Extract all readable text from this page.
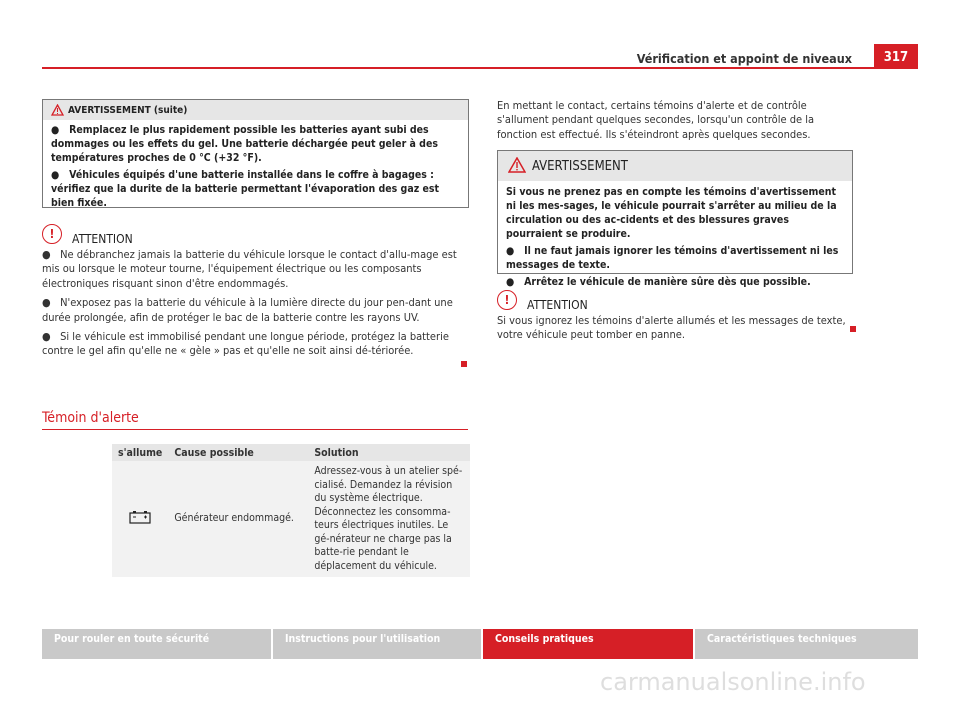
Vérification et appoint de niveaux	317
AVERTISSEMENT (suite)

●   Remplacez le plus rapidement possible les batteries ayant subi des dommages ou les effets du gel. Une batterie déchargée peut geler à des températures proches de 0 °C (+32 °F).

●   Véhicules équipés d'une batterie installée dans le coffre à bagages : vérifiez que la durite de la batterie permettant l'évaporation des gaz est bien fixée.

!	ATTENTION

●   Ne débranchez jamais la batterie du véhicule lorsque le contact d'allu-mage est mis ou lorsque le moteur tourne, l'équipement électrique ou les composants électroniques risquant sinon d'être endommagés.

●   N'exposez pas la batterie du véhicule à la lumière directe du jour pen-dant une durée prolongée, afin de protéger le bac de la batterie contre les rayons UV.

●   Si le véhicule est immobilisé pendant une longue période, protégez la batterie contre le gel afin qu'elle ne « gèle » pas et qu'elle ne soit ainsi dé-tériorée.

Témoin d'alerte
s'allume	Cause possible	Solution
	Générateur endommagé.	Adressez-vous à un atelier spé-cialisé. Demandez la révision du système électrique. Déconnectez les consomma-teurs électriques inutiles. Le gé-nérateur ne charge pas la batte-rie pendant le déplacement du véhicule.
En mettant le contact, certains témoins d'alerte et de contrôle s'allument pendant quelques secondes, lorsqu'un contrôle de la fonction est effectué. Ils s'éteindront après quelques secondes.
AVERTISSEMENT

Si vous ne prenez pas en compte les témoins d'avertissement ni les mes-sages, le véhicule pourrait s'arrêter au milieu de la circulation ou des ac-cidents et des blessures graves pourraient se produire.

●   Il ne faut jamais ignorer les témoins d'avertissement ni les messages de texte.

●   Arrêtez le véhicule de manière sûre dès que possible.

!	ATTENTION
Si vous ignorez les témoins d'alerte allumés et les messages de texte, votre véhicule peut tomber en panne.
Pour rouler en toute sécurité	Instructions pour l'utilisation	Conseils pratiques	Caractéristiques techniques
carmanualsonline.info
